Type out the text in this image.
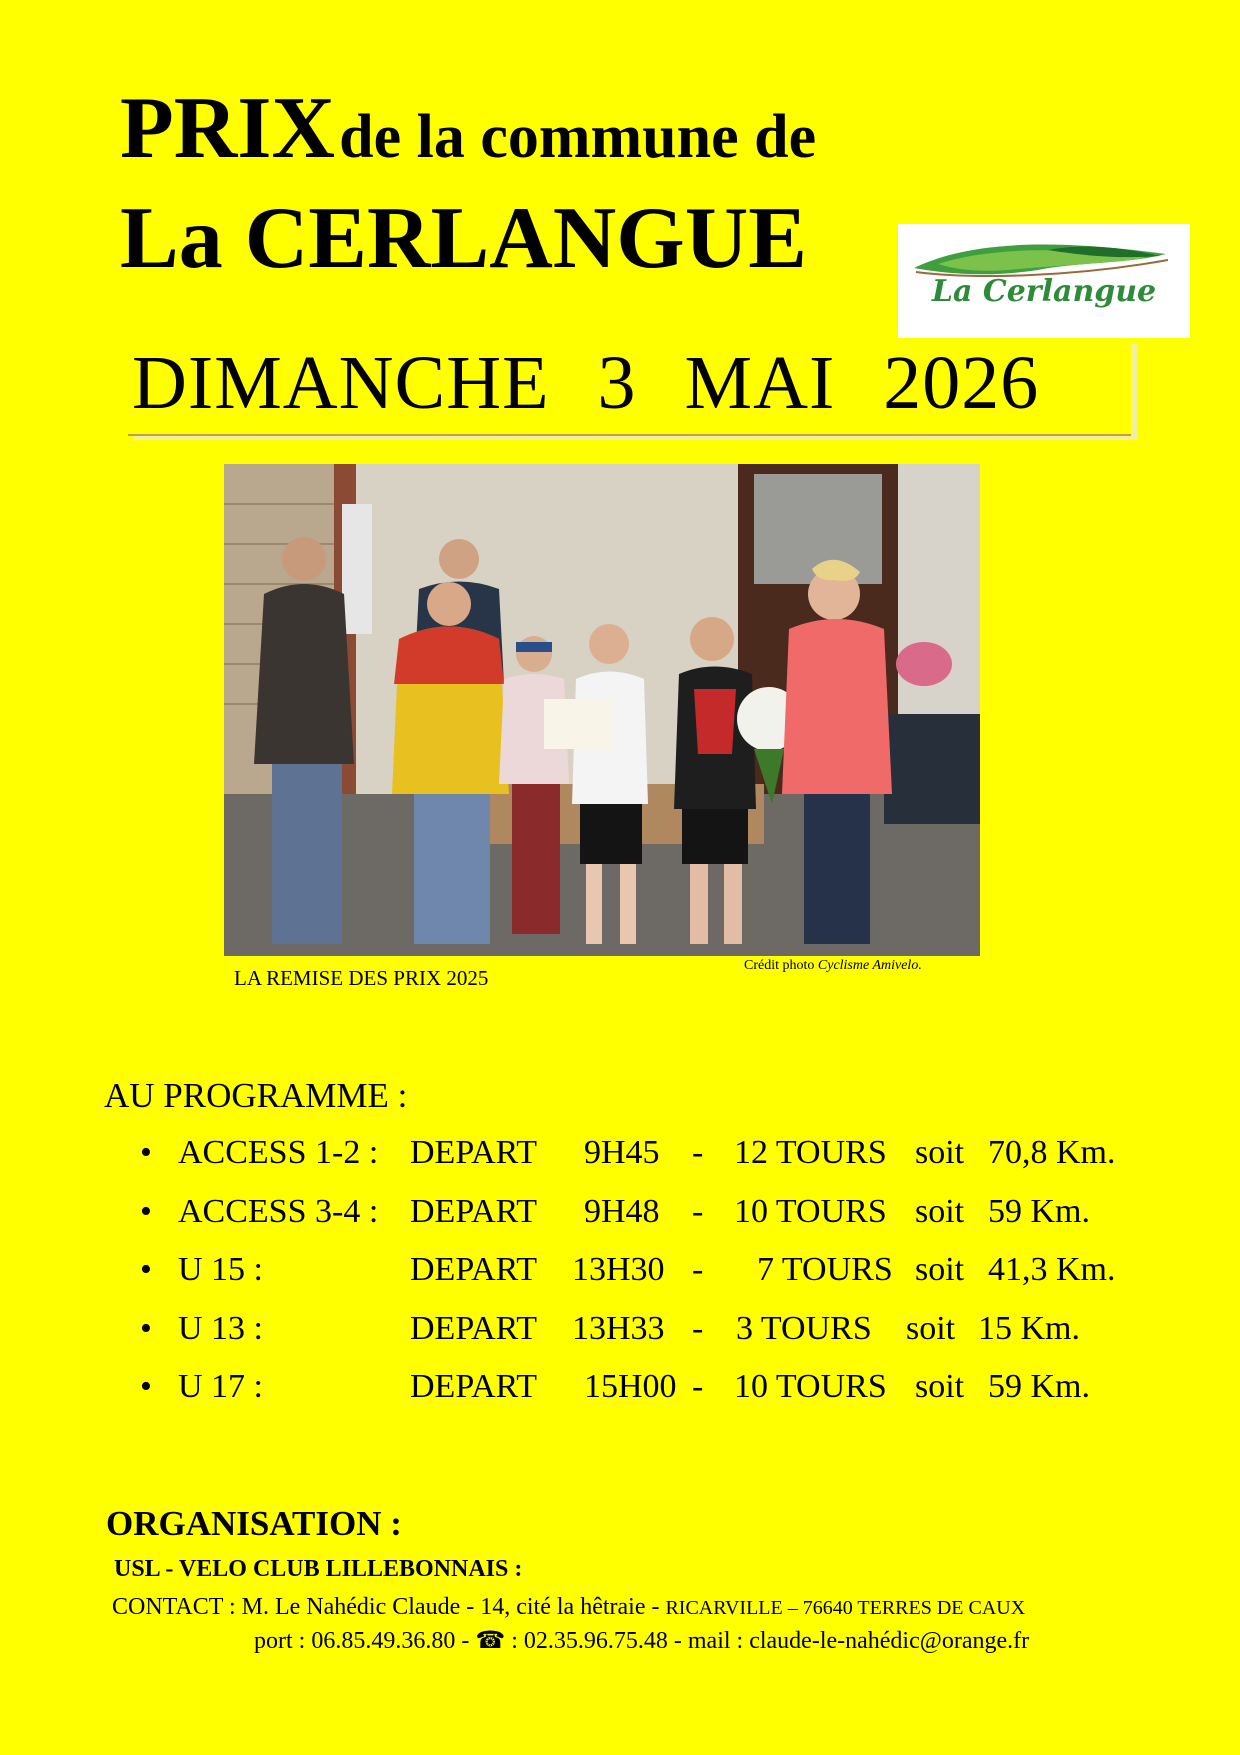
PRIX de la commune de
La CERLANGUE
La Cerlangue
DIMANCHE 3 MAI 2026
LA REMISE DES PRIX 2025
Crédit photo Cyclisme Amivelo.
AU PROGRAMME :
• ACCESS 1-2 : DEPART 9H45 - 12 TOURS soit 70,8 Km.
• ACCESS 3-4 : DEPART 9H48 - 10 TOURS soit 59 Km.
• U 15 :	DEPART 13H30 - 7 TOURS soit 41,3 Km.
• U 13 :	DEPART 13H33 - 3 TOURS soit 15 Km.
• U 17 :	DEPART 15H00 - 10 TOURS soit 59 Km.
ORGANISATION :
USL - VELO CLUB LILLEBONNAIS :
CONTACT : M. Le Nahédic Claude - 14, cité la hêtraie - RICARVILLE – 76640 TERRES DE CAUX
port : 06.85.49.36.80 - ☎ : 02.35.96.75.48 - mail : claude-le-nahédic@orange.fr
